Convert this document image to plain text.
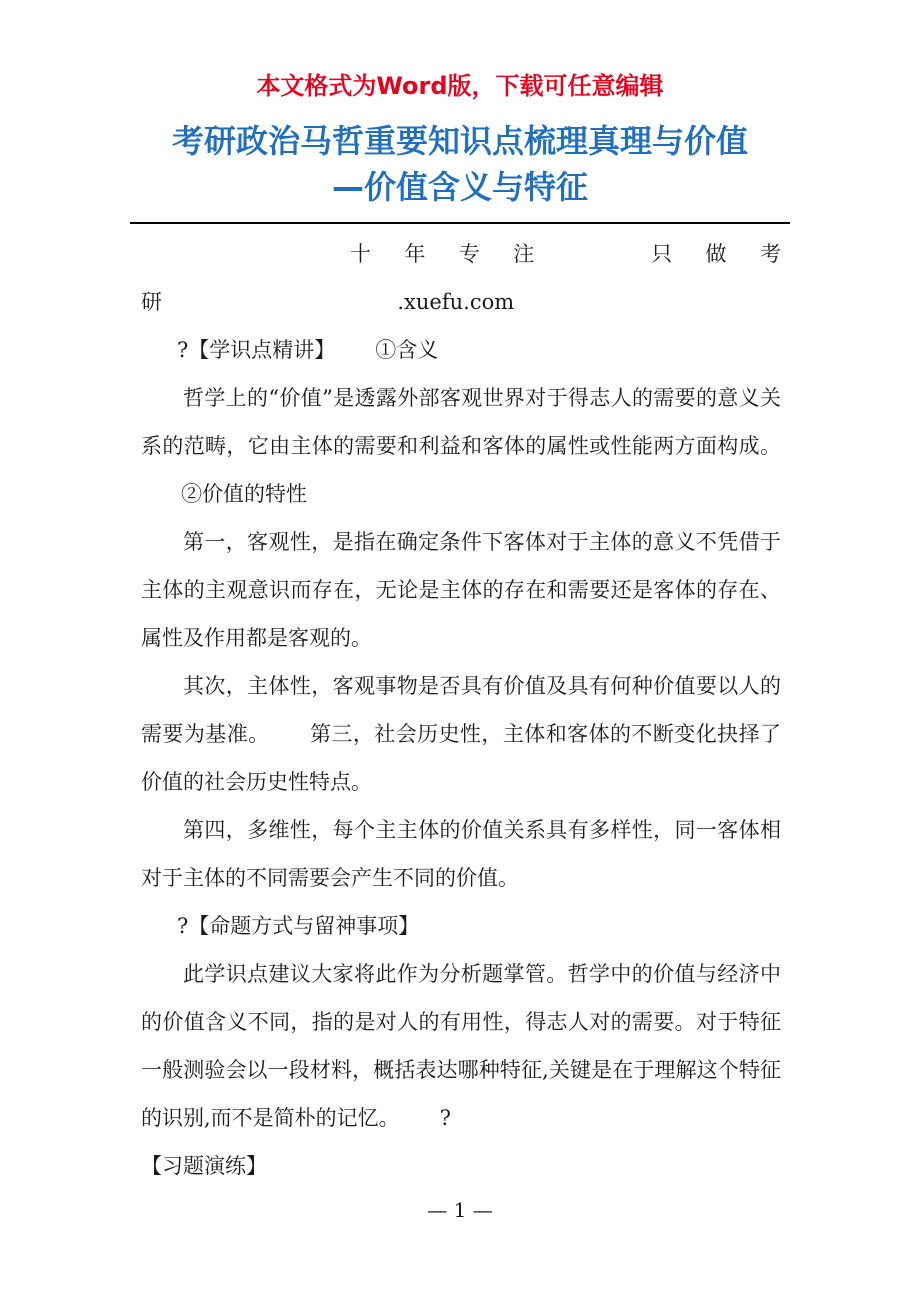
本文格式为Word版，下载可任意编辑
考研政治马哲重要知识点梳理真理与价值
—价值含义与特征
十 年 专 注	只 做 考
研	.xuefu.com

?【学识点精讲】 ①含义

哲学上的“价值”是透露外部客观世界对于得志人的需要的意义关系的范畴，它由主体的需要和利益和客体的属性或性能两方面构成。②价值的特性

第一，客观性，是指在确定条件下客体对于主体的意义不凭借于主体的主观意识而存在，无论是主体的存在和需要还是客体的存在、属性及作用都是客观的。

其次，主体性，客观事物是否具有价值及具有何种价值要以人的需要为基准。 第三，社会历史性，主体和客体的不断变化抉择了价值的社会历史性特点。

第四，多维性，每个主主体的价值关系具有多样性，同一客体相对于主体的不同需要会产生不同的价值。

?【命题方式与留神事项】

此学识点建议大家将此作为分析题掌管。哲学中的价值与经济中的价值含义不同，指的是对人的有用性，得志人对的需要。对于特征一般测验会以一段材料，概括表达哪种特征,关键是在于理解这个特征的识别,而不是简朴的记忆。 ?

【习题演练】

— 1 —
